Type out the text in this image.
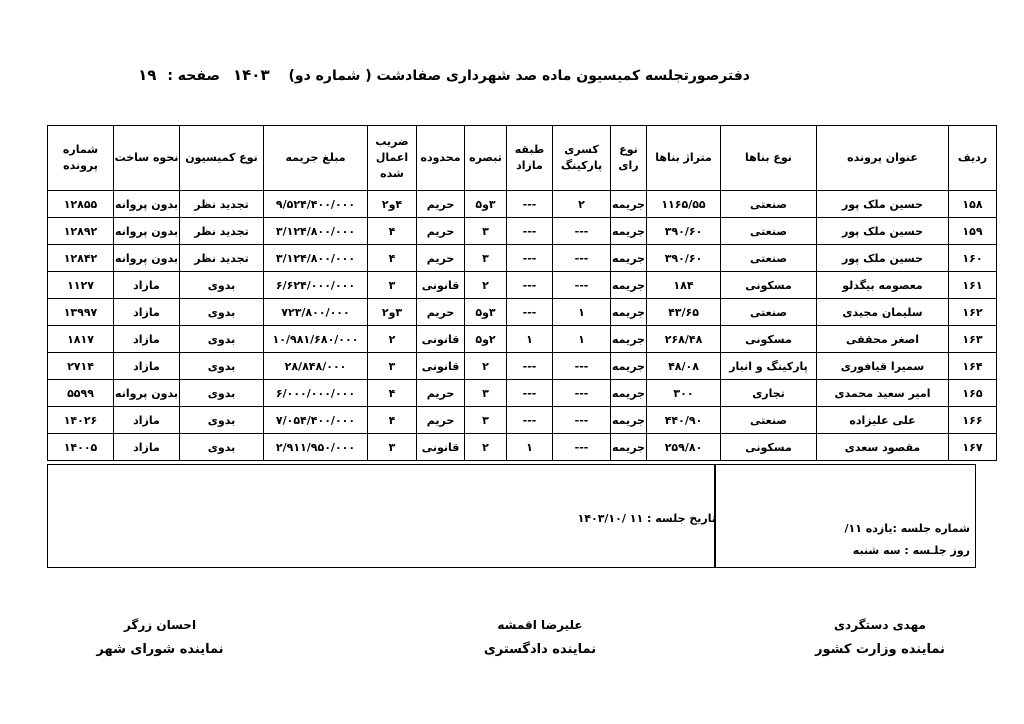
دفترصورتجلسه کمیسیون ماده صد شهرداری صفادشت ( شماره دو) ۱۴۰۳
صفحه : ۱۹
ردیف	عنوان پرونده	نوع بناها	متراژ بناها	نوع رای	کسری پارکینگ	طبقه مازاد	تبصره	محدوده	ضریب اعمال شده	مبلغ جریمه	نوع کمیسیون	نحوه ساخت	شماره پرونده
۱۵۸	حسین ملک پور	صنعتی	۱۱۶۵/۵۵	جریمه	۲	---	۳و۵	حریم	۴و۲	۹/۵۲۴/۴۰۰/۰۰۰	تجدید نظر	بدون پروانه	۱۲۸۵۵
۱۵۹	حسین ملک پور	صنعتی	۳۹۰/۶۰	جریمه	---	---	۳	حریم	۴	۳/۱۲۴/۸۰۰/۰۰۰	تجدید نظر	بدون پروانه	۱۲۸۹۲
۱۶۰	حسین ملک پور	صنعتی	۳۹۰/۶۰	جریمه	---	---	۳	حریم	۴	۳/۱۲۴/۸۰۰/۰۰۰	تجدید نظر	بدون پروانه	۱۲۸۴۲
۱۶۱	معصومه بیگدلو	مسکونی	۱۸۴	جریمه	---	---	۲	قانونی	۳	۶/۶۲۴/۰۰۰/۰۰۰	بدوی	مازاد	۱۱۲۷
۱۶۲	سلیمان مجیدی	صنعتی	۴۳/۶۵	جریمه	۱	---	۳و۵	حریم	۳و۲	۷۲۳/۸۰۰/۰۰۰	بدوی	مازاد	۱۳۹۹۷
۱۶۳	اصغر محققی	مسکونی	۲۶۸/۴۸	جریمه	۱	۱	۲و۵	قانونی	۲	۱۰/۹۸۱/۶۸۰/۰۰۰	بدوی	مازاد	۱۸۱۷
۱۶۴	سمیرا قیافوری	پارکینگ و انبار	۴۸/۰۸	جریمه	---	---	۲	قانونی	۳	۲۸/۸۴۸/۰۰۰	بدوی	مازاد	۲۷۱۴
۱۶۵	امیر سعید محمدی	تجاری	۳۰۰	جریمه	---	---	۳	حریم	۴	۶/۰۰۰/۰۰۰/۰۰۰	بدوی	بدون پروانه	۵۵۹۹
۱۶۶	علی علیزاده	صنعتی	۴۴۰/۹۰	جریمه	---	---	۳	حریم	۴	۷/۰۵۴/۴۰۰/۰۰۰	بدوی	مازاد	۱۴۰۲۶
۱۶۷	مقصود سعدی	مسکونی	۲۵۹/۸۰	جریمه	---	۱	۲	قانونی	۳	۲/۹۱۱/۹۵۰/۰۰۰	بدوی	مازاد	۱۴۰۰۵
تاریخ جلسه : ۱۱ /۱۴۰۳/۱۰
شماره جلسه :یازده ۱۱/
روز جلـسه : سه شنبه
مهدی دستگردی
نماینده وزارت کشور
علیرضا اقمشه
نماینده دادگستری
احسان زرگر
نماینده شورای شهر
